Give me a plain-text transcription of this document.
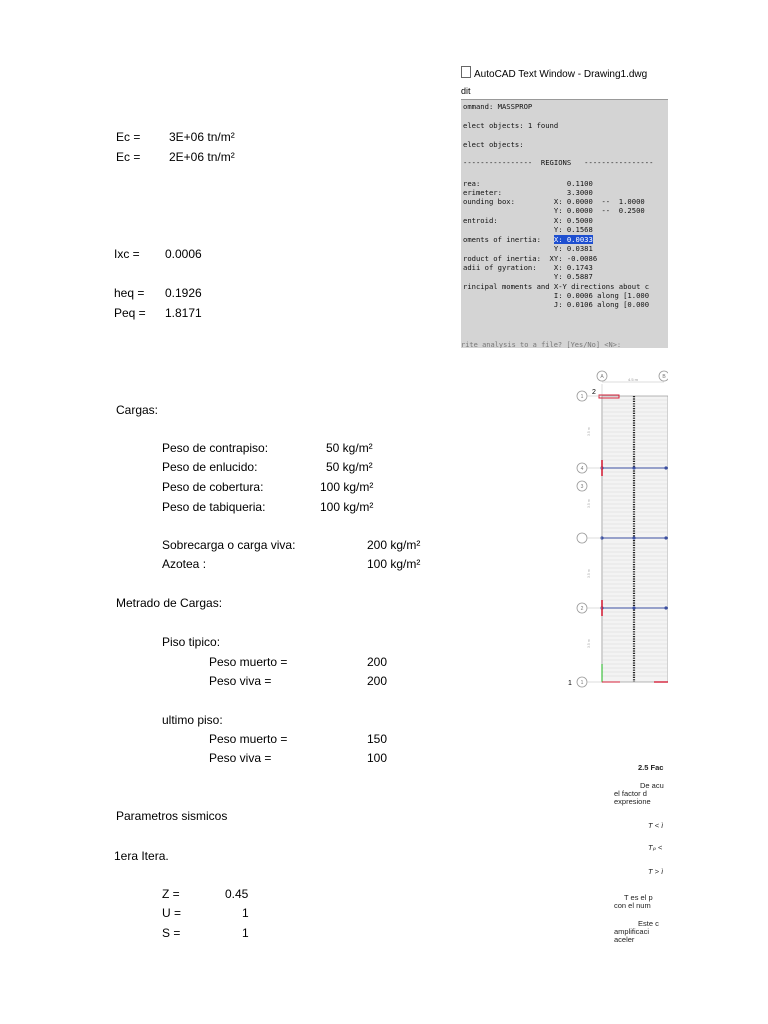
Ec = 3E+06 tn/m²
Ec = 2E+06 tn/m²
Ixc = 0.0006
heq = 0.1926
Peq = 1.8171
Cargas:
Peso de contrapiso:	50 kg/m²
Peso de enlucido:	50 kg/m²
Peso de cobertura:	100 kg/m²
Peso de tabiqueria:	100 kg/m²
Sobrecarga o carga viva:	200 kg/m²
Azotea :	100 kg/m²
Metrado de Cargas:
Piso tipico:
Peso muerto =	200
Peso viva =	200
ultimo piso:
Peso muerto =	150
Peso viva =	100
Parametros sismicos
1era Itera.
Z =	0.45
U =	1
S =	1
AutoCAD Text Window - Drawing1.dwg
dit
ommand: MASSPROP
elect objects: 1 found
elect objects:
----------------  REGIONS   ----------------
rea:                    0.1100
erimeter:               3.3000
ounding box:         X: 0.0000  --  1.0000
Y: 0.0000  --  0.2500
entroid:             X: 0.5000
Y: 0.1568
oments of inertia:   X: 0.0033
Y: 0.0381
roduct of inertia:  XY: -0.0086
adii of gyration:    X: 0.1743
Y: 0.5887
rincipal moments and X-Y directions about c
I: 0.0006 along [1.000
J: 0.0106 along [0.000
rite analysis to a file? [Yes/No] <N>:
A	B
4.5 m
1
4
3
2
1
3.5 m
3.5 m
3.5 m
3.5 m
2
1
2.5 Fac
De acu
el factor d
expresione
T < ì
Tₚ <
T > ì
T es el p
con el num
Este c
amplificaci
aceler
